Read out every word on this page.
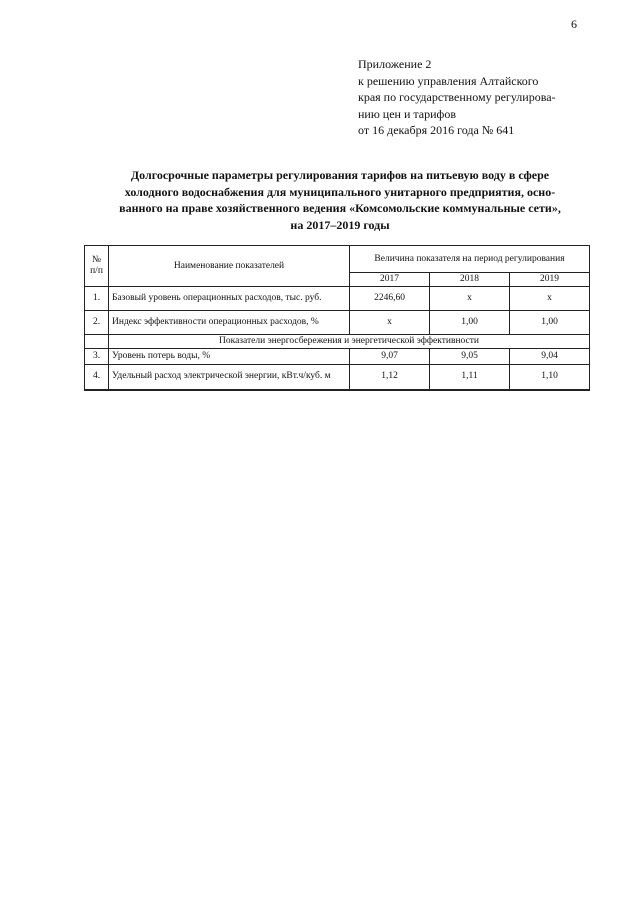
6
Приложение 2
к решению управления Алтайского
края по государственному регулирова-
нию цен и тарифов
от 16 декабря 2016 года № 641
Долгосрочные параметры регулирования тарифов на питьевую воду в сфере
холодного водоснабжения для муниципального унитарного предприятия, осно-
ванного на праве хозяйственного ведения «Комсомольские коммунальные сети»,
на 2017–2019 годы
№ п/п	Наименование показателей	Величина показателя на период регулирования		
		2017	2018	2019
1.	Базовый уровень операционных расходов, тыс. руб.	2246,60	x	x
2.	Индекс эффективности операционных расходов, %	x	1,00	1,00
	Показатели энергосбережения и энергетической эффективности			
3.	Уровень потерь воды, %	9,07	9,05	9,04
4.	Удельный расход электрической энергии, кВт.ч/куб. м	1,12	1,11	1,10
